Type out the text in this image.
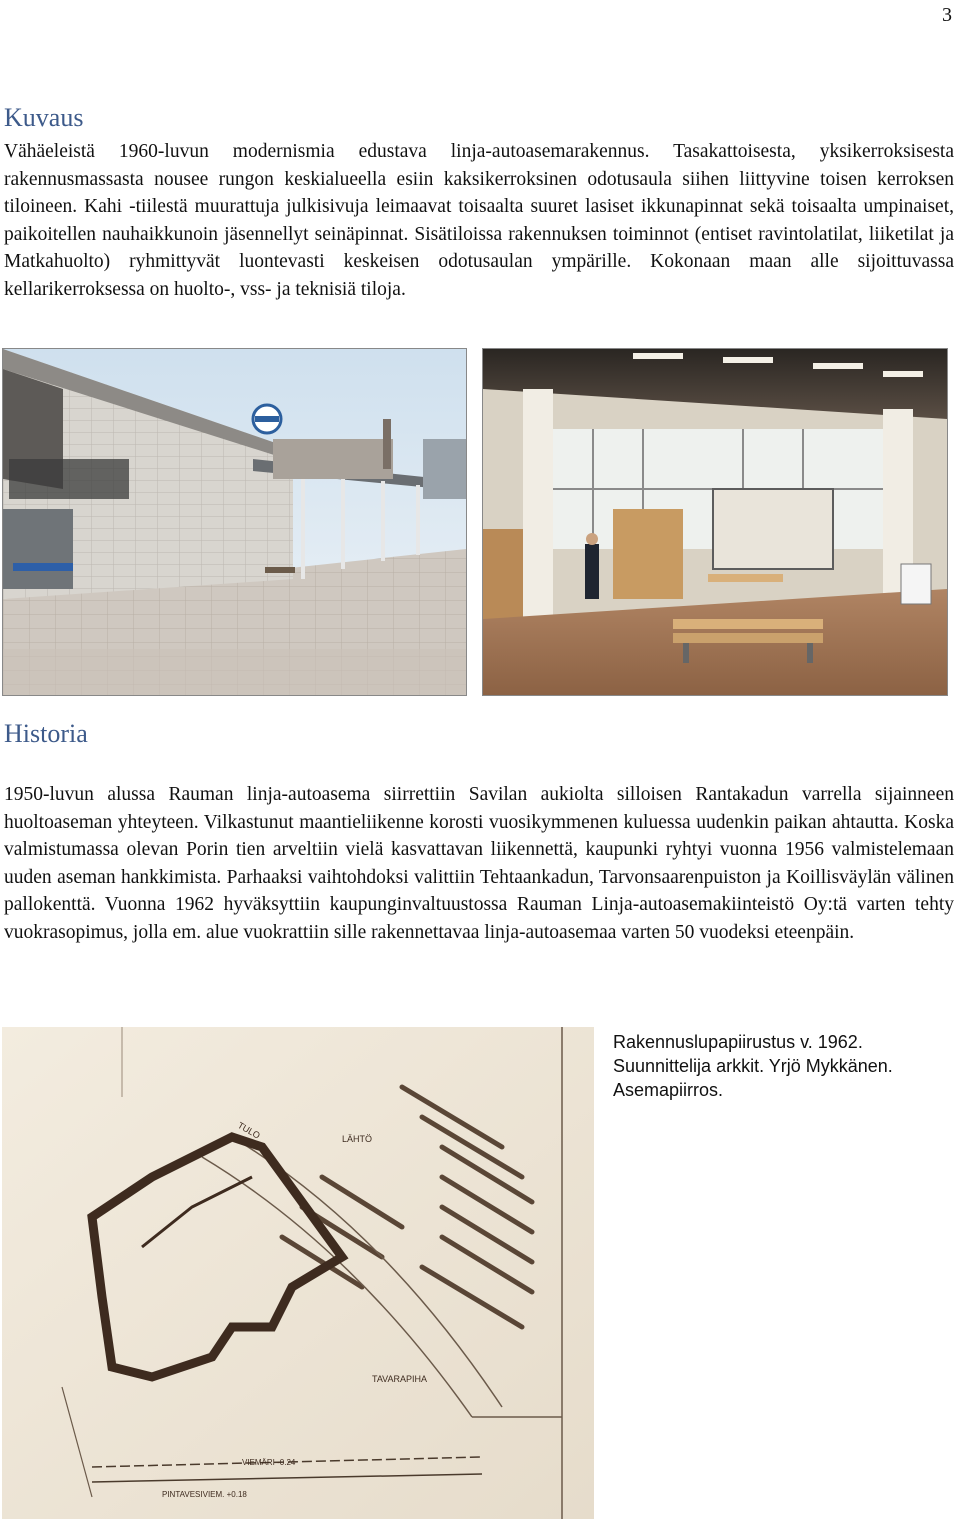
3
Kuvaus

Vähäeleistä 1960-luvun modernismia edustava linja-autoasemarakennus. Tasakattoisesta, yksikerroksisesta rakennusmassasta nousee rungon keskialueella esiin kaksikerroksinen odotusaula siihen liittyvine toisen kerroksen tiloineen. Kahi -tiilestä muurattuja julkisivuja leimaavat toisaalta suuret lasiset ikkunapinnat sekä toisaalta umpinaiset, paikoitellen nauhaikkunoin jäsennellyt seinäpinnat. Sisätiloissa rakennuksen toiminnot (entiset ravintolatilat, liiketilat ja Matkahuolto) ryhmittyvät luontevasti keskeisen odotusaulan ympärille. Kokonaan maan alle sijoittuvassa kellarikerroksessa on huolto-, vss- ja teknisiä tiloja.

Historia

1950-luvun alussa Rauman linja-autoasema siirrettiin Savilan aukiolta silloisen Rantakadun varrella sijainneen huoltoaseman yhteyteen. Vilkastunut maantieliikenne korosti vuosikymmenen kuluessa uudenkin paikan ahtautta. Koska valmistumassa olevan Porin tien arveltiin vielä kasvattavan liikennettä, kaupunki ryhtyi vuonna 1956 valmistelemaan uuden aseman hankkimista. Parhaaksi vaihtohdoksi valittiin Tehtaankadun, Tarvonsaarenpuiston ja Koillisväylän välinen pallokenttä. Vuonna 1962 hyväksyttiin kaupunginvaltuustossa Rauman Linja-autoasemakiinteistö Oy:tä varten tehty vuokrasopimus, jolla em. alue vuokrattiin sille rakennettavaa linja-autoasemaa varten 50 vuodeksi eteenpäin.

TULO	LÄHTÖ
TAVARAPIHA
VIEMÄRI -0.24
PINTAVESIVIEM. +0.18
Rakennuslupapiirustus v. 1962.
Suunnittelija arkkit. Yrjö Mykkänen.
Asemapiirros.
